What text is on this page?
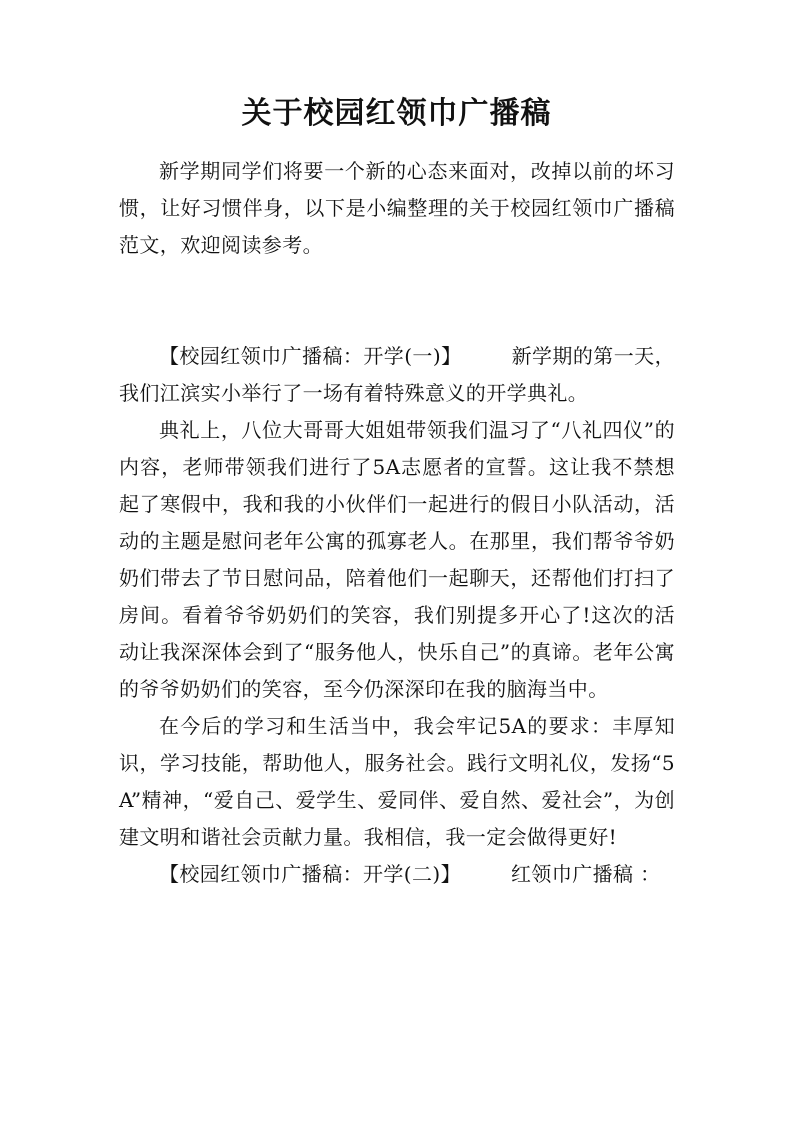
关于校园红领巾广播稿

新学期同学们将要一个新的心态来面对，改掉以前的坏习惯，让好习惯伴身，以下是小编整理的关于校园红领巾广播稿范文，欢迎阅读参考。

【校园红领巾广播稿：开学(一)】	新学期的第一天，我们江滨实小举行了一场有着特殊意义的开学典礼。

典礼上，八位大哥哥大姐姐带领我们温习了“八礼四仪”的内容，老师带领我们进行了5A志愿者的宣誓。这让我不禁想起了寒假中，我和我的小伙伴们一起进行的假日小队活动，活动的主题是慰问老年公寓的孤寡老人。在那里，我们帮爷爷奶奶们带去了节日慰问品，陪着他们一起聊天，还帮他们打扫了房间。看着爷爷奶奶们的笑容，我们别提多开心了!这次的活动让我深深体会到了“服务他人，快乐自己”的真谛。老年公寓的爷爷奶奶们的笑容，至今仍深深印在我的脑海当中。

在今后的学习和生活当中，我会牢记5A的要求：丰厚知识，学习技能，帮助他人，服务社会。践行文明礼仪，发扬“5A”精神，“爱自己、爱学生、爱同伴、爱自然、爱社会”，为创建文明和谐社会贡献力量。我相信，我一定会做得更好!

【校园红领巾广播稿：开学(二)】	红领巾广播稿 ：
